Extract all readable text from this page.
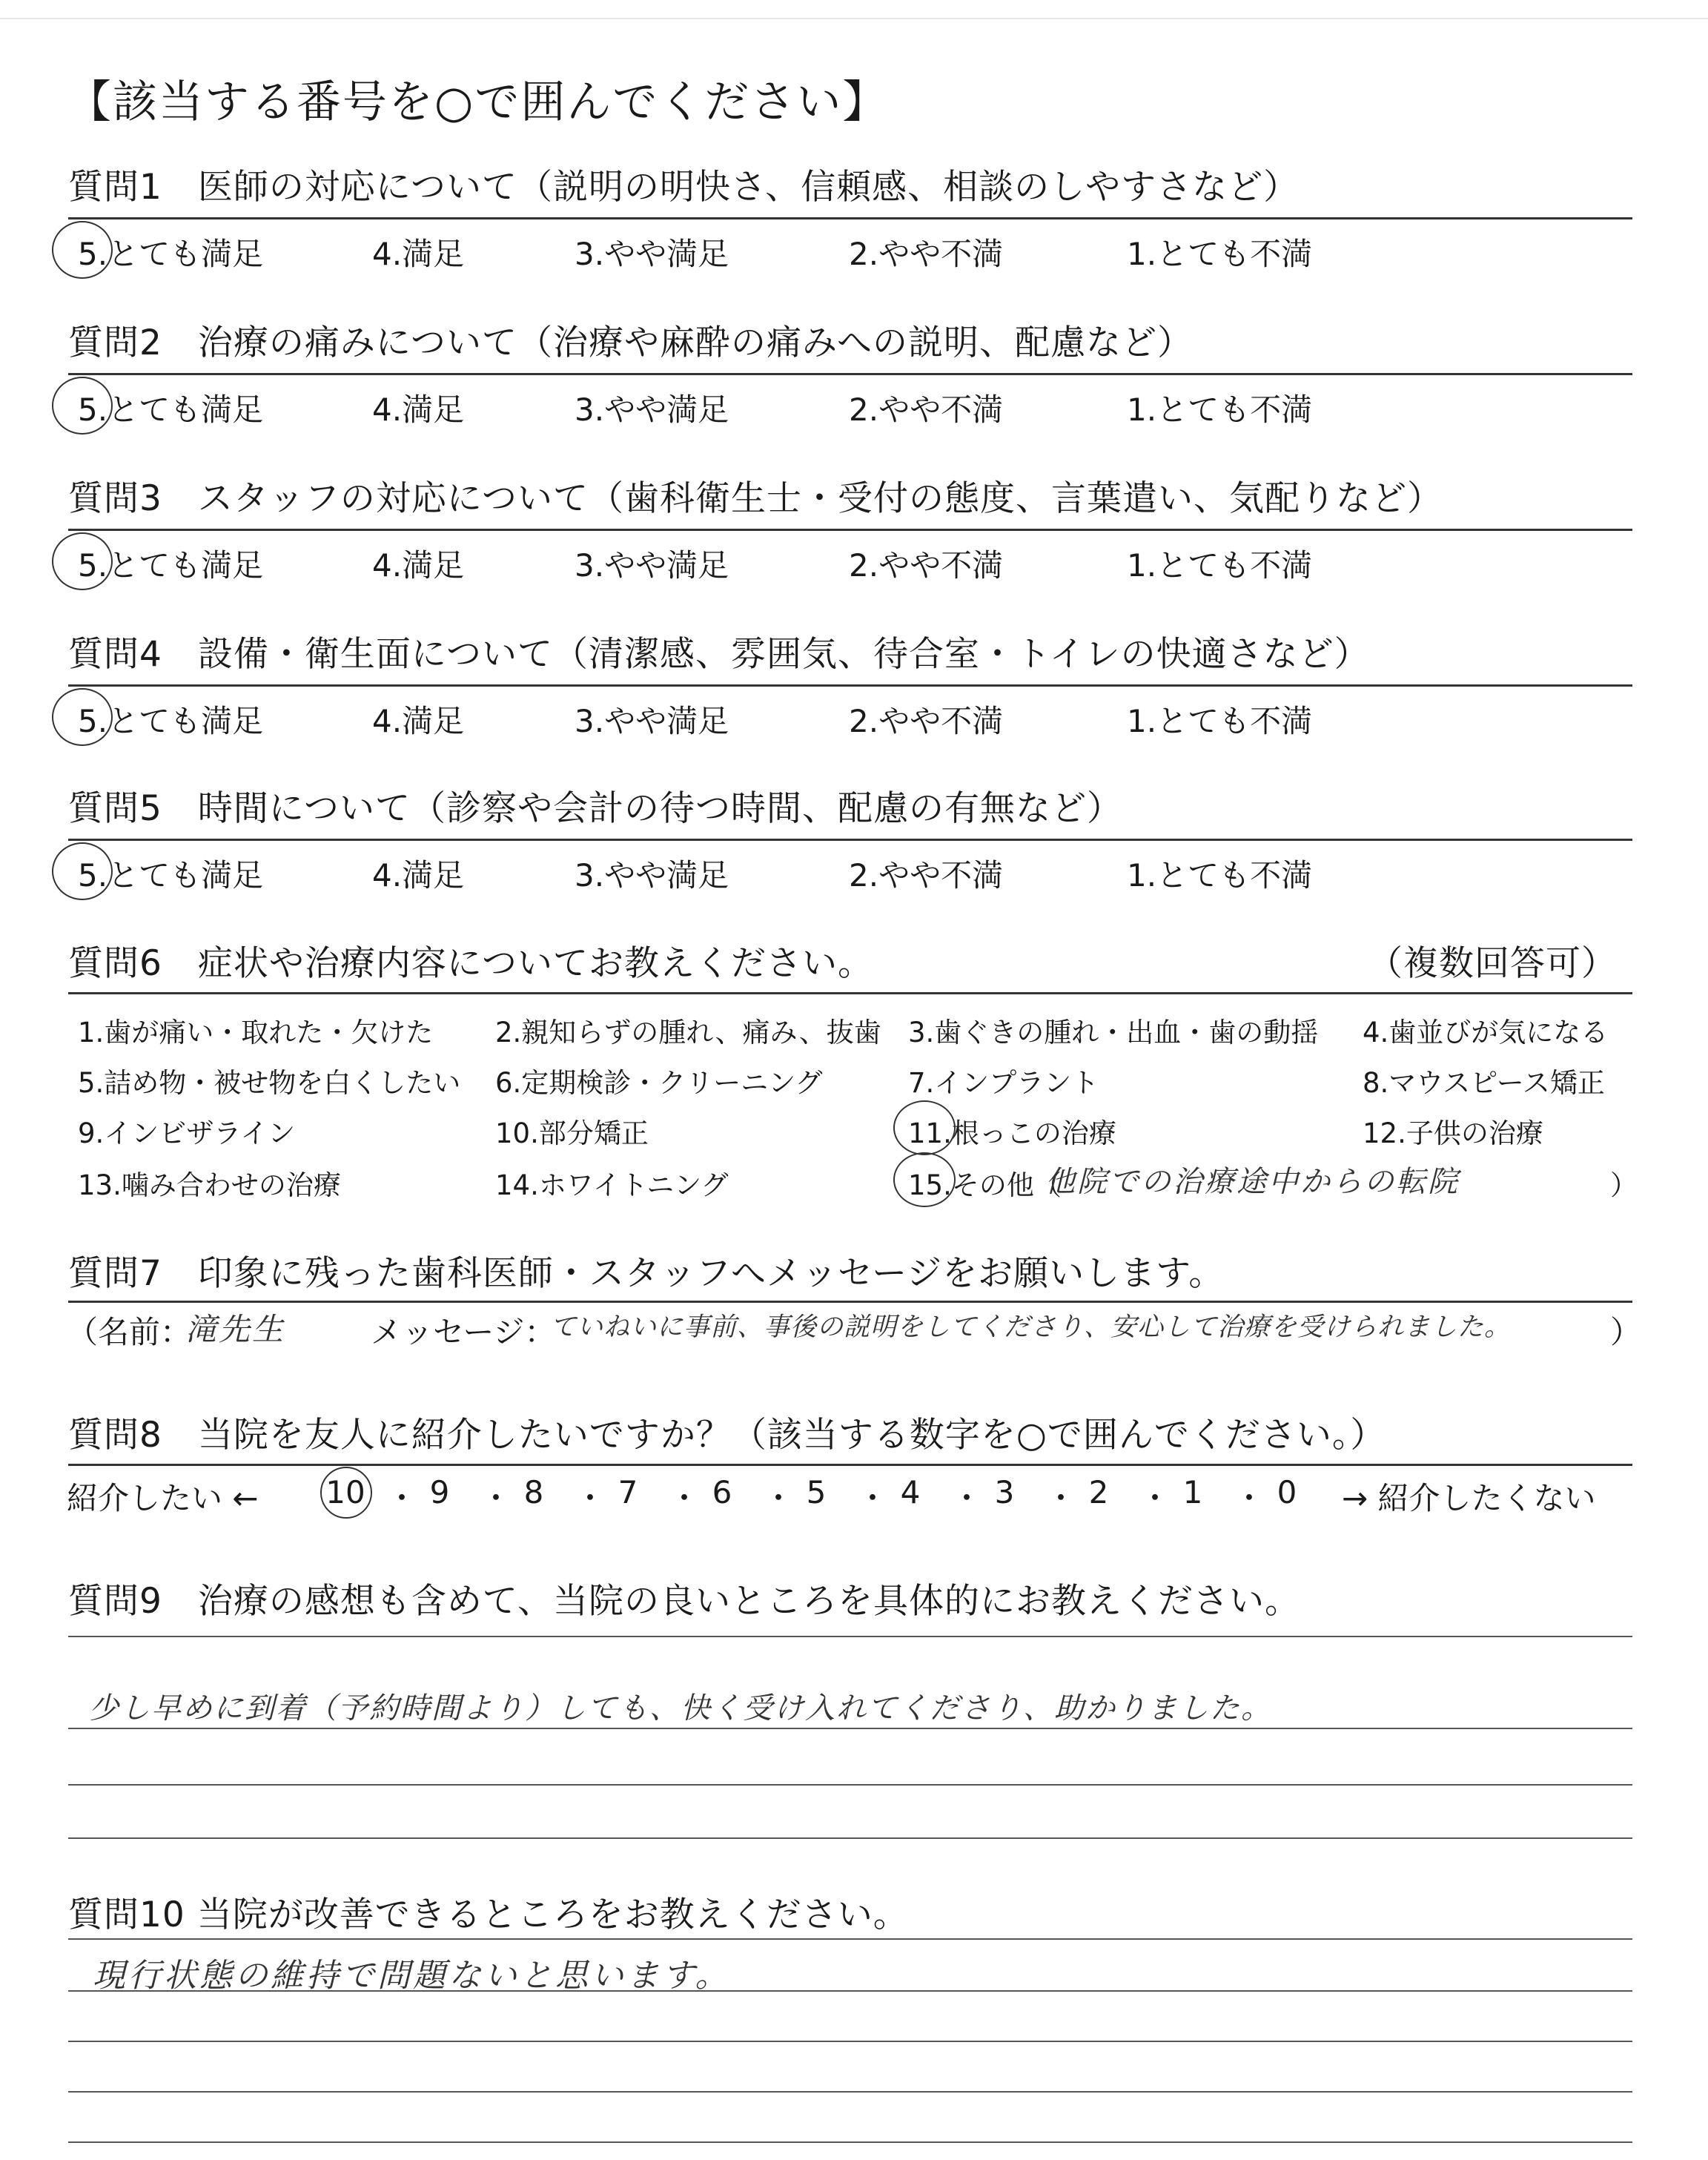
【該当する番号を○で囲んでください】
質問1　医師の対応について（説明の明快さ、信頼感、相談のしやすさなど）
5.とても満足	4.満足	3.やや満足	2.やや不満	1.とても不満
質問2　治療の痛みについて（治療や麻酔の痛みへの説明、配慮など）
5.とても満足	4.満足	3.やや満足	2.やや不満	1.とても不満
質問3　スタッフの対応について（歯科衛生士・受付の態度、言葉遣い、気配りなど）
5.とても満足	4.満足	3.やや満足	2.やや不満	1.とても不満
質問4　設備・衛生面について（清潔感、雰囲気、待合室・トイレの快適さなど）
5.とても満足	4.満足	3.やや満足	2.やや不満	1.とても不満
質問5　時間について（診察や会計の待つ時間、配慮の有無など）
5.とても満足	4.満足	3.やや満足	2.やや不満	1.とても不満
質問6　症状や治療内容についてお教えください。	（複数回答可）
1.歯が痛い・取れた・欠けた 2.親知らずの腫れ、痛み、抜歯 3.歯ぐきの腫れ・出血・歯の動揺 4.歯並びが気になる
5.詰め物・被せ物を白くしたい 6.定期検診・クリーニング	7.インプラント	8.マウスピース矯正
9.インビザライン	10.部分矯正	11.根っこの治療	12.子供の治療
13.噛み合わせの治療	14.ホワイトニング	15.その他（
他院での治療途中からの転院	）
質問7　印象に残った歯科医師・スタッフへメッセージをお願いします。
（名前：
滝先生	メッセージ：
ていねいに事前、事後の説明をしてくださり、安心して治療を受けられました。	）
質問8　当院を友人に紹介したいですか？（該当する数字を○で囲んでください。）
紹介したい ← 10 ・ 9 ・ 8 ・ 7 ・ 6 ・ 5 ・ 4 ・ 3 ・ 2 ・ 1 ・ 0	→ 紹介したくない
質問9　治療の感想も含めて、当院の良いところを具体的にお教えください。
少し早めに到着（予約時間より）しても、快く受け入れてくださり、助かりました。
質問10 当院が改善できるところをお教えください。
現行状態の維持で問題ないと思います。
